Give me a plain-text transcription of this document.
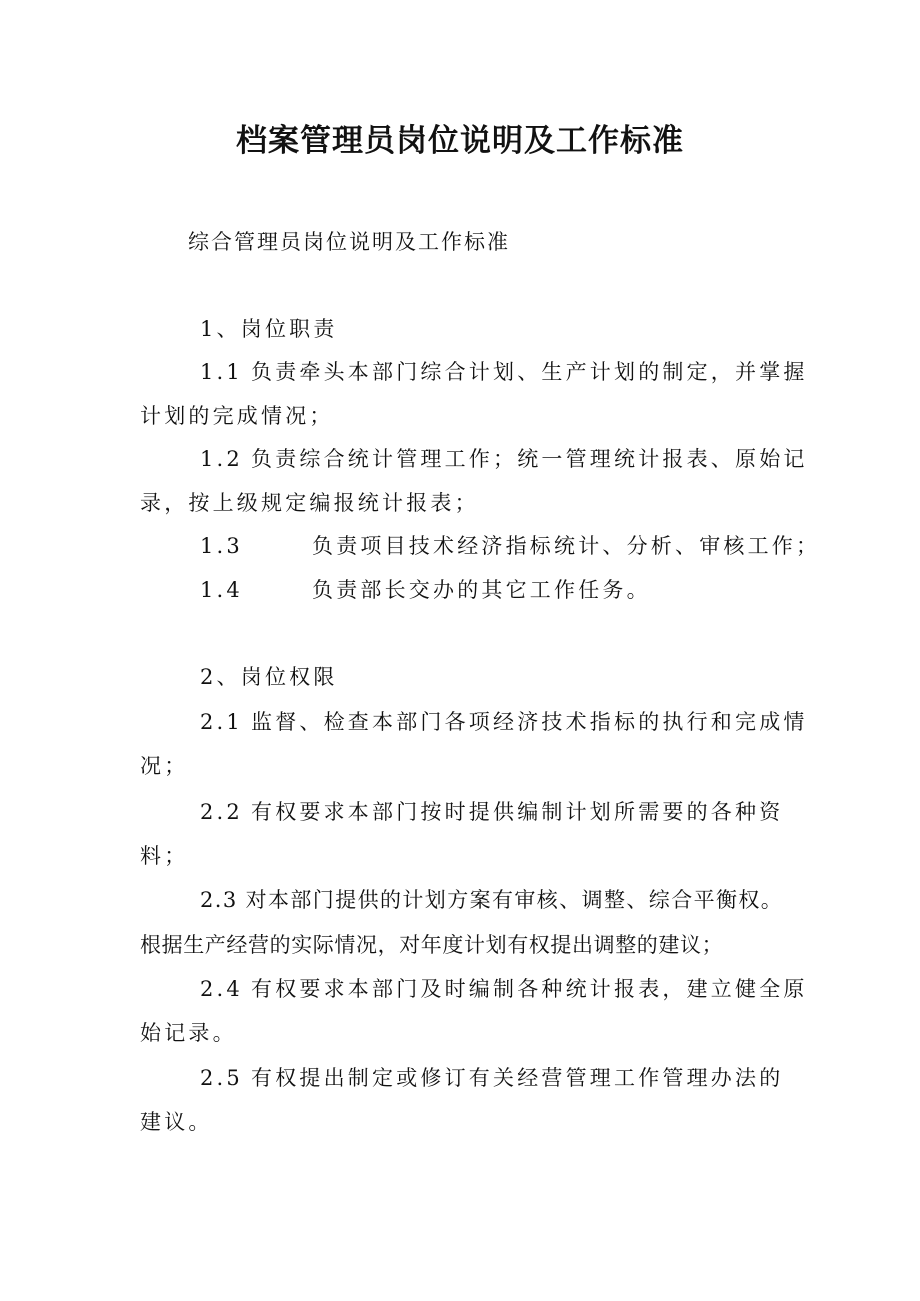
档案管理员岗位说明及工作标准

综合管理员岗位说明及工作标准

1、岗位职责

1.1 负责牵头本部门综合计划、生产计划的制定，并掌握

计划的完成情况；

1.2 负责综合统计管理工作；统一管理统计报表、原始记

录，按上级规定编报统计报表；

1.3	负责项目技术经济指标统计、分析、审核工作；

1.4	负责部长交办的其它工作任务。

2、岗位权限

2.1 监督、检查本部门各项经济技术指标的执行和完成情

况；

2.2 有权要求本部门按时提供编制计划所需要的各种资

料；

2.3 对本部门提供的计划方案有审核、调整、综合平衡权。

根据生产经营的实际情况，对年度计划有权提出调整的建议；

2.4 有权要求本部门及时编制各种统计报表，建立健全原

始记录。

2.5 有权提出制定或修订有关经营管理工作管理办法的

建议。
